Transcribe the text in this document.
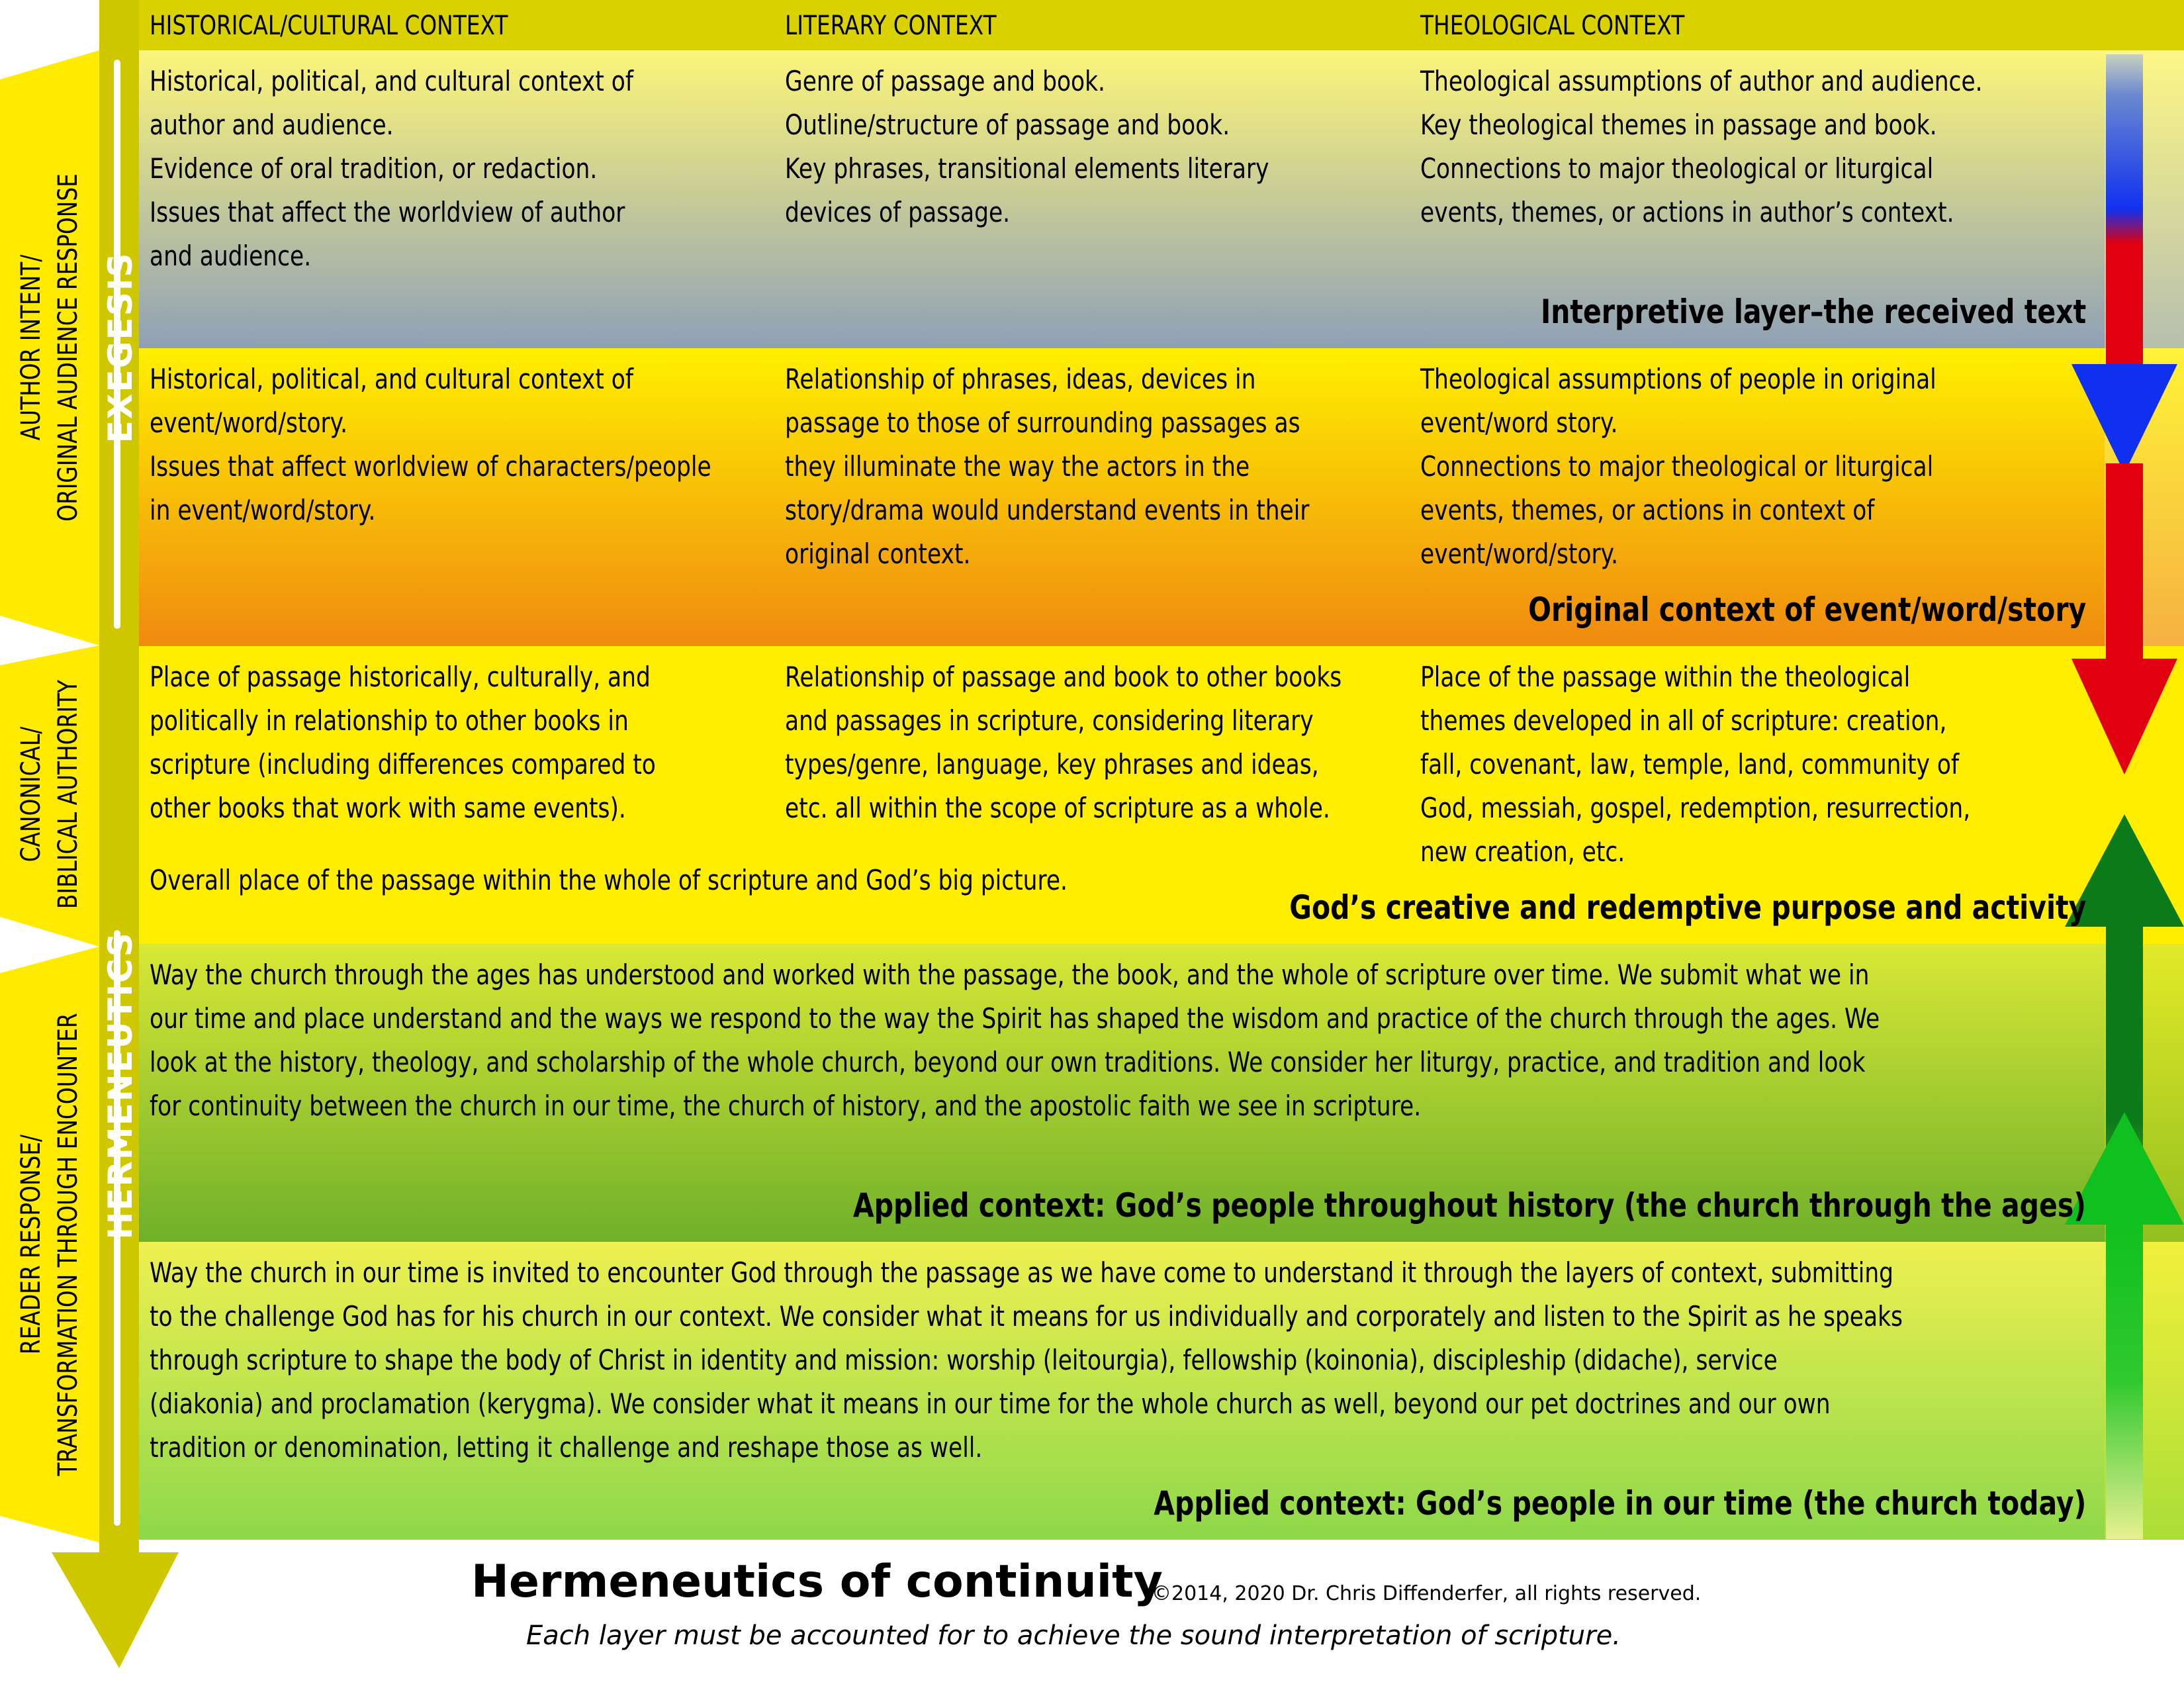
HISTORICAL/CULTURAL CONTEXT	LITERARY CONTEXT	THEOLOGICAL CONTEXT
AUTHOR INTENT/ ORIGINAL AUDIENCE RESPONSE
CANONICAL/ BIBLICAL AUTHORITY
READER RESPONSE/ TRANSFORMATION THROUGH ENCOUNTER
EXEGESIS
HERMENEUTICS
Historical, political, and cultural context of
author and audience.
Evidence of oral tradition, or redaction.
Issues that affect the worldview of author
and audience.
Genre of passage and book.
Outline/structure of passage and book.
Key phrases, transitional elements literary
devices of passage.
Theological assumptions of author and audience.
Key theological themes in passage and book.
Connections to major theological or liturgical
events, themes, or actions in author’s context.
Interpretive layer–the received text
Historical, political, and cultural context of
event/word/story.
Issues that affect worldview of characters/people
in event/word/story.
Relationship of phrases, ideas, devices in
passage to those of surrounding passages as
they illuminate the way the actors in the
story/drama would understand events in their
original context.
Theological assumptions of people in original
event/word story.
Connections to major theological or liturgical
events, themes, or actions in context of
event/word/story.
Original context of event/word/story
Place of passage historically, culturally, and
politically in relationship to other books in
scripture (including differences compared to
other books that work with same events).
Relationship of passage and book to other books
and passages in scripture, considering literary
types/genre, language, key phrases and ideas,
etc. all within the scope of scripture as a whole.
Place of the passage within the theological
themes developed in all of scripture: creation,
fall, covenant, law, temple, land, community of
God, messiah, gospel, redemption, resurrection,
new creation, etc.
Overall place of the passage within the whole of scripture and God’s big picture.
God’s creative and redemptive purpose and activity
Way the church through the ages has understood and worked with the passage, the book, and the whole of scripture over time. We submit what we in
our time and place understand and the ways we respond to the way the Spirit has shaped the wisdom and practice of the church through the ages. We
look at the history, theology, and scholarship of the whole church, beyond our own traditions. We consider her liturgy, practice, and tradition and look
for continuity between the church in our time, the church of history, and the apostolic faith we see in scripture.
Applied context: God’s people throughout history (the church through the ages)
Way the church in our time is invited to encounter God through the passage as we have come to understand it through the layers of context, submitting
to the challenge God has for his church in our context. We consider what it means for us individually and corporately and listen to the Spirit as he speaks
through scripture to shape the body of Christ in identity and mission: worship (leitourgia), fellowship (koinonia), discipleship (didache), service
(diakonia) and proclamation (kerygma). We consider what it means in our time for the whole church as well, beyond our pet doctrines and our own
tradition or denomination, letting it challenge and reshape those as well.
Applied context: God’s people in our time (the church today)
Hermeneutics of continuity
©2014, 2020 Dr. Chris Diffenderfer, all rights reserved.
Each layer must be accounted for to achieve the sound interpretation of scripture.
